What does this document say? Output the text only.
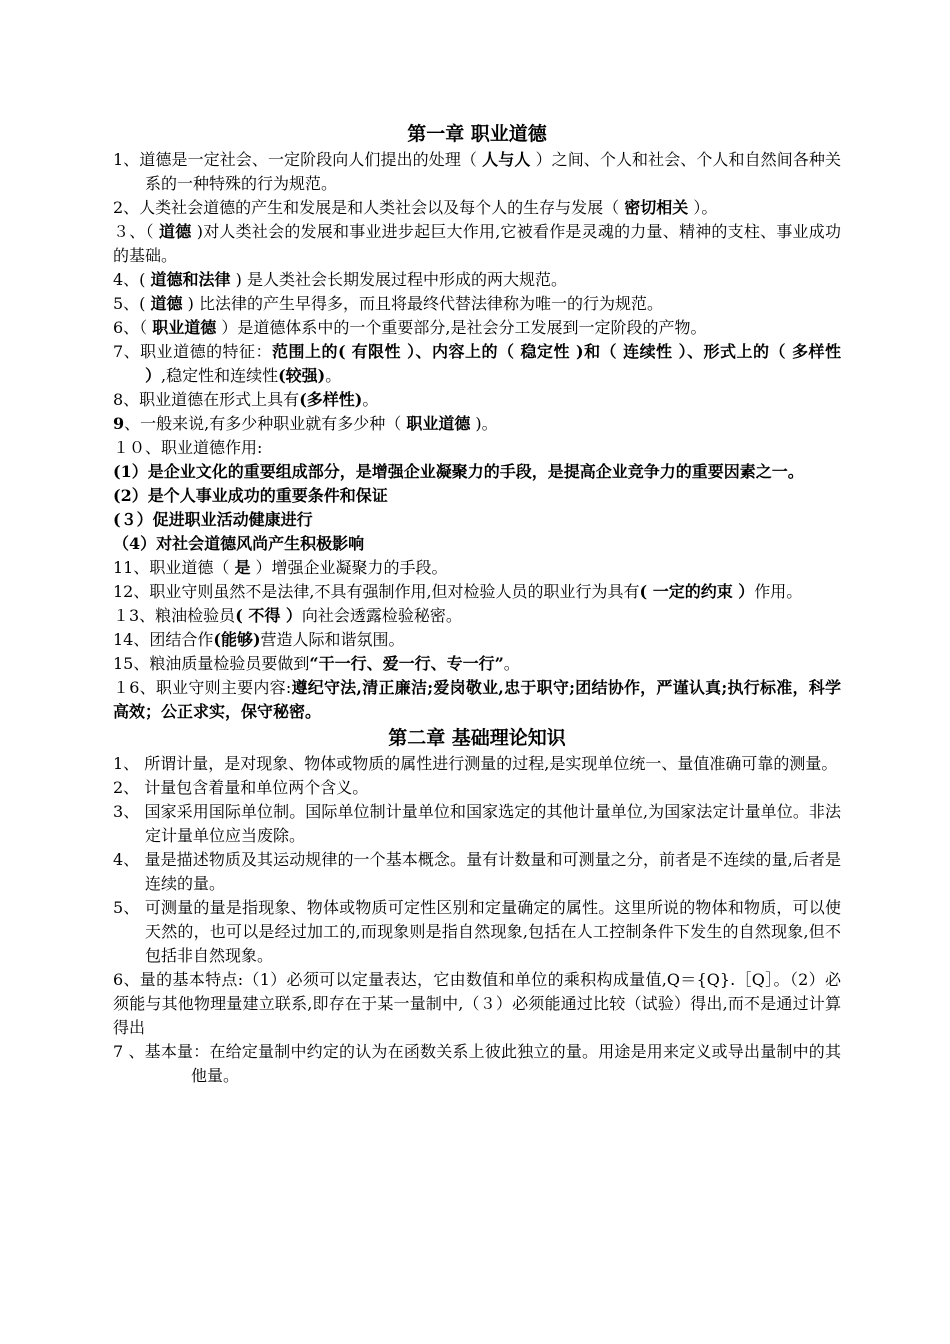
第一章 职业道德

1、道德是一定社会、一定阶段向人们提出的处理（ 人与人 ）之间、个人和社会、个人和自然间各种关系的一种特殊的行为规范。

2、人类社会道德的产生和发展是和人类社会以及每个人的生存与发展（ 密切相关 ）。

３、（ 道德 )对人类社会的发展和事业进步起巨大作用,它被看作是灵魂的力量、精神的支柱、事业成功的基础。

4、( 道德和法律 ) 是人类社会长期发展过程中形成的两大规范。

5、( 道德 ) 比法律的产生早得多，而且将最终代替法律称为唯一的行为规范。

6、（ 职业道德 ）是道德体系中的一个重要部分,是社会分工发展到一定阶段的产物。

7、职业道德的特征：范围上的( 有限性 ）、内容上的（ 稳定性 )和（ 连续性 ）、形式上的（ 多样性 ）,稳定性和连续性(较强)。

8、职业道德在形式上具有(多样性)。

9、一般来说,有多少种职业就有多少种（ 职业道德 )。

１０、职业道德作用:

(1）是企业文化的重要组成部分，是增强企业凝聚力的手段，是提高企业竞争力的重要因素之一。

(2）是个人事业成功的重要条件和保证

(３）促进职业活动健康进行

（4）对社会道德风尚产生积极影响

11、职业道德（ 是 ）增强企业凝聚力的手段。

12、职业守则虽然不是法律,不具有强制作用,但对检验人员的职业行为具有( 一定的约束 ）作用。

１3、粮油检验员( 不得 ）向社会透露检验秘密。

14、团结合作(能够)营造人际和谐氛围。

15、粮油质量检验员要做到“干一行、爱一行、专一行”。

１6、职业守则主要内容:遵纪守法,清正廉洁;爱岗敬业,忠于职守;团结协作，严谨认真;执行标准，科学高效；公正求实，保守秘密。

第二章 基础理论知识

1、 所谓计量，是对现象、物体或物质的属性进行测量的过程,是实现单位统一、量值准确可靠的测量。

2、 计量包含着量和单位两个含义。

3、 国家采用国际单位制。国际单位制计量单位和国家选定的其他计量单位,为国家法定计量单位。非法定计量单位应当废除。

4、 量是描述物质及其运动规律的一个基本概念。量有计数量和可测量之分，前者是不连续的量,后者是连续的量。

5、 可测量的量是指现象、物体或物质可定性区别和定量确定的属性。这里所说的物体和物质，可以使天然的，也可以是经过加工的,而现象则是指自然现象,包括在人工控制条件下发生的自然现象,但不包括非自然现象。

6、量的基本特点:（1）必须可以定量表达，它由数值和单位的乘积构成量值,Q＝{Q}.［Q］。（2）必须能与其他物理量建立联系,即存在于某一量制中,（３）必须能通过比较（试验）得出,而不是通过计算得出

7 、基本量：在给定量制中约定的认为在函数关系上彼此独立的量。用途是用来定义或导出量制中的其他量。
